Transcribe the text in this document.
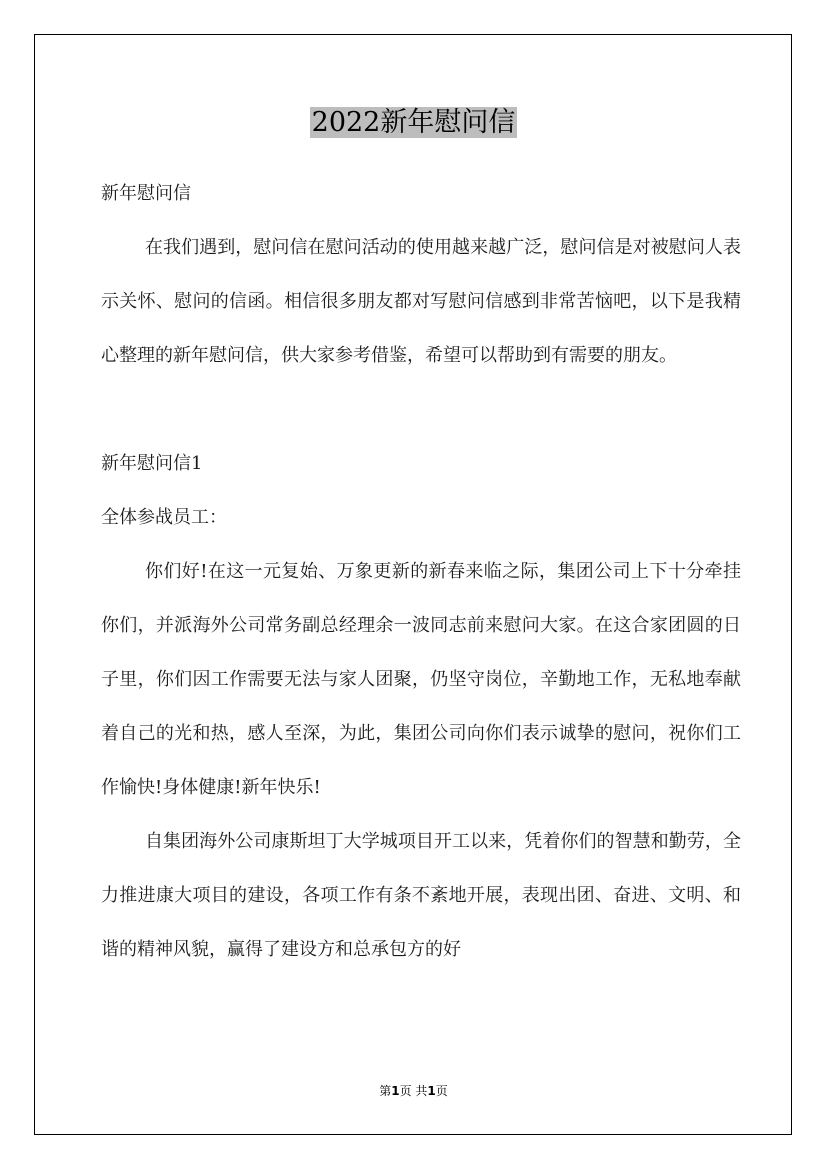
2022新年慰问信

新年慰问信

在我们遇到，慰问信在慰问活动的使用越来越广泛，慰问信是对被慰问人表示关怀、慰问的信函。相信很多朋友都对写慰问信感到非常苦恼吧，以下是我精心整理的新年慰问信，供大家参考借鉴，希望可以帮助到有需要的朋友。

新年慰问信1

全体参战员工：

你们好!在这一元复始、万象更新的新春来临之际，集团公司上下十分牵挂你们，并派海外公司常务副总经理余一波同志前来慰问大家。在这合家团圆的日子里，你们因工作需要无法与家人团聚，仍坚守岗位，辛勤地工作，无私地奉献着自己的光和热，感人至深，为此，集团公司向你们表示诚挚的慰问，祝你们工作愉快!身体健康!新年快乐!

自集团海外公司康斯坦丁大学城项目开工以来，凭着你们的智慧和勤劳，全力推进康大项目的建设，各项工作有条不紊地开展，表现出团、奋进、文明、和谐的精神风貌，赢得了建设方和总承包方的好

第1页 共1页
